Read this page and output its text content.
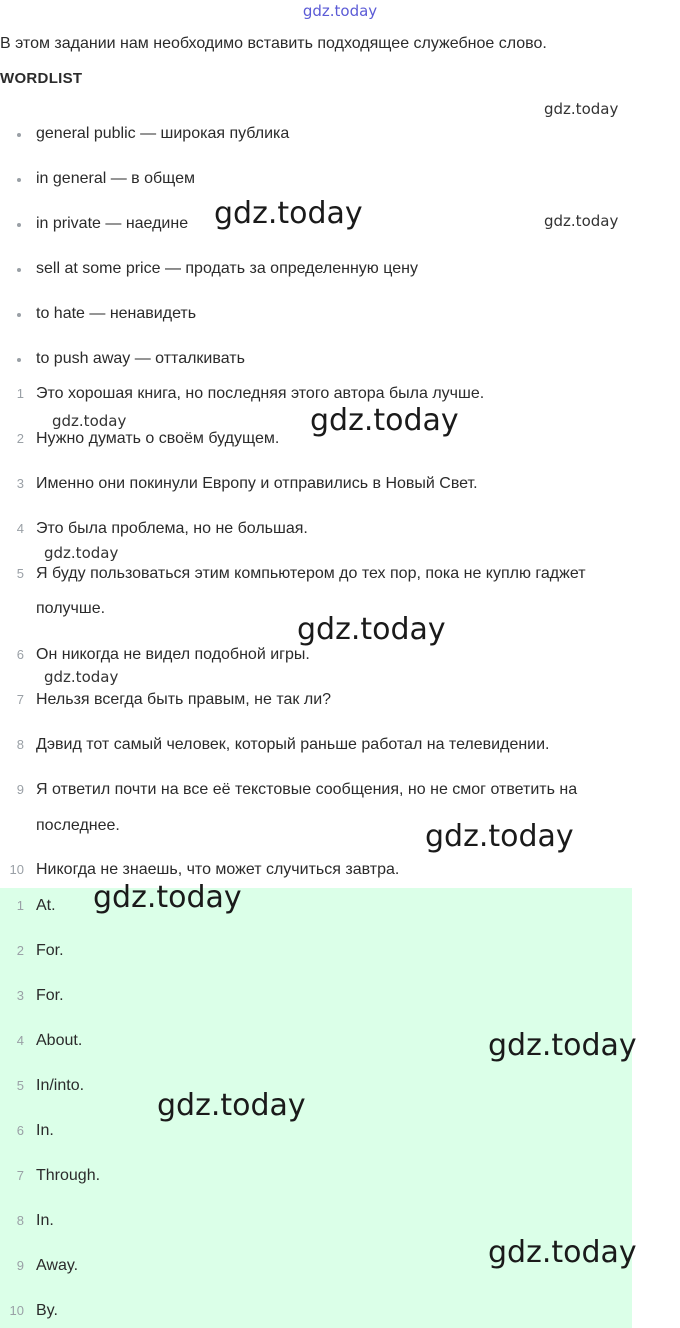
gdz.today
В этом задании нам необходимо вставить подходящее служебное слово.
WORDLIST
general public — широкая публика
in general — в общем
in private — наедине
sell at some price — продать за определенную цену
to hate — ненавидеть
to push away — отталкивать
1 Это хорошая книга, но последняя этого автора была лучше.
2 Нужно думать о своём будущем.
3 Именно они покинули Европу и отправились в Новый Свет.
4 Это была проблема, но не большая.
5 Я буду пользоваться этим компьютером до тех пор, пока не куплю гаджет
получше.
6 Он никогда не видел подобной игры.
7 Нельзя всегда быть правым, не так ли?
8 Дэвид тот самый человек, который раньше работал на телевидении.
9 Я ответил почти на все её текстовые сообщения, но не смог ответить на
последнее.
10 Никогда не знаешь, что может случиться завтра.
1 At.
2 For.
3 For.
4 About.
5 In/into.
6 In.
7 Through.
8 In.
9 Away.
10 By.
gdz.today
gdz.today	gdz.today
gdz.today	gdz.today
gdz.today
gdz.today
gdz.today
gdz.today
gdz.today
gdz.today
gdz.today
gdz.today
